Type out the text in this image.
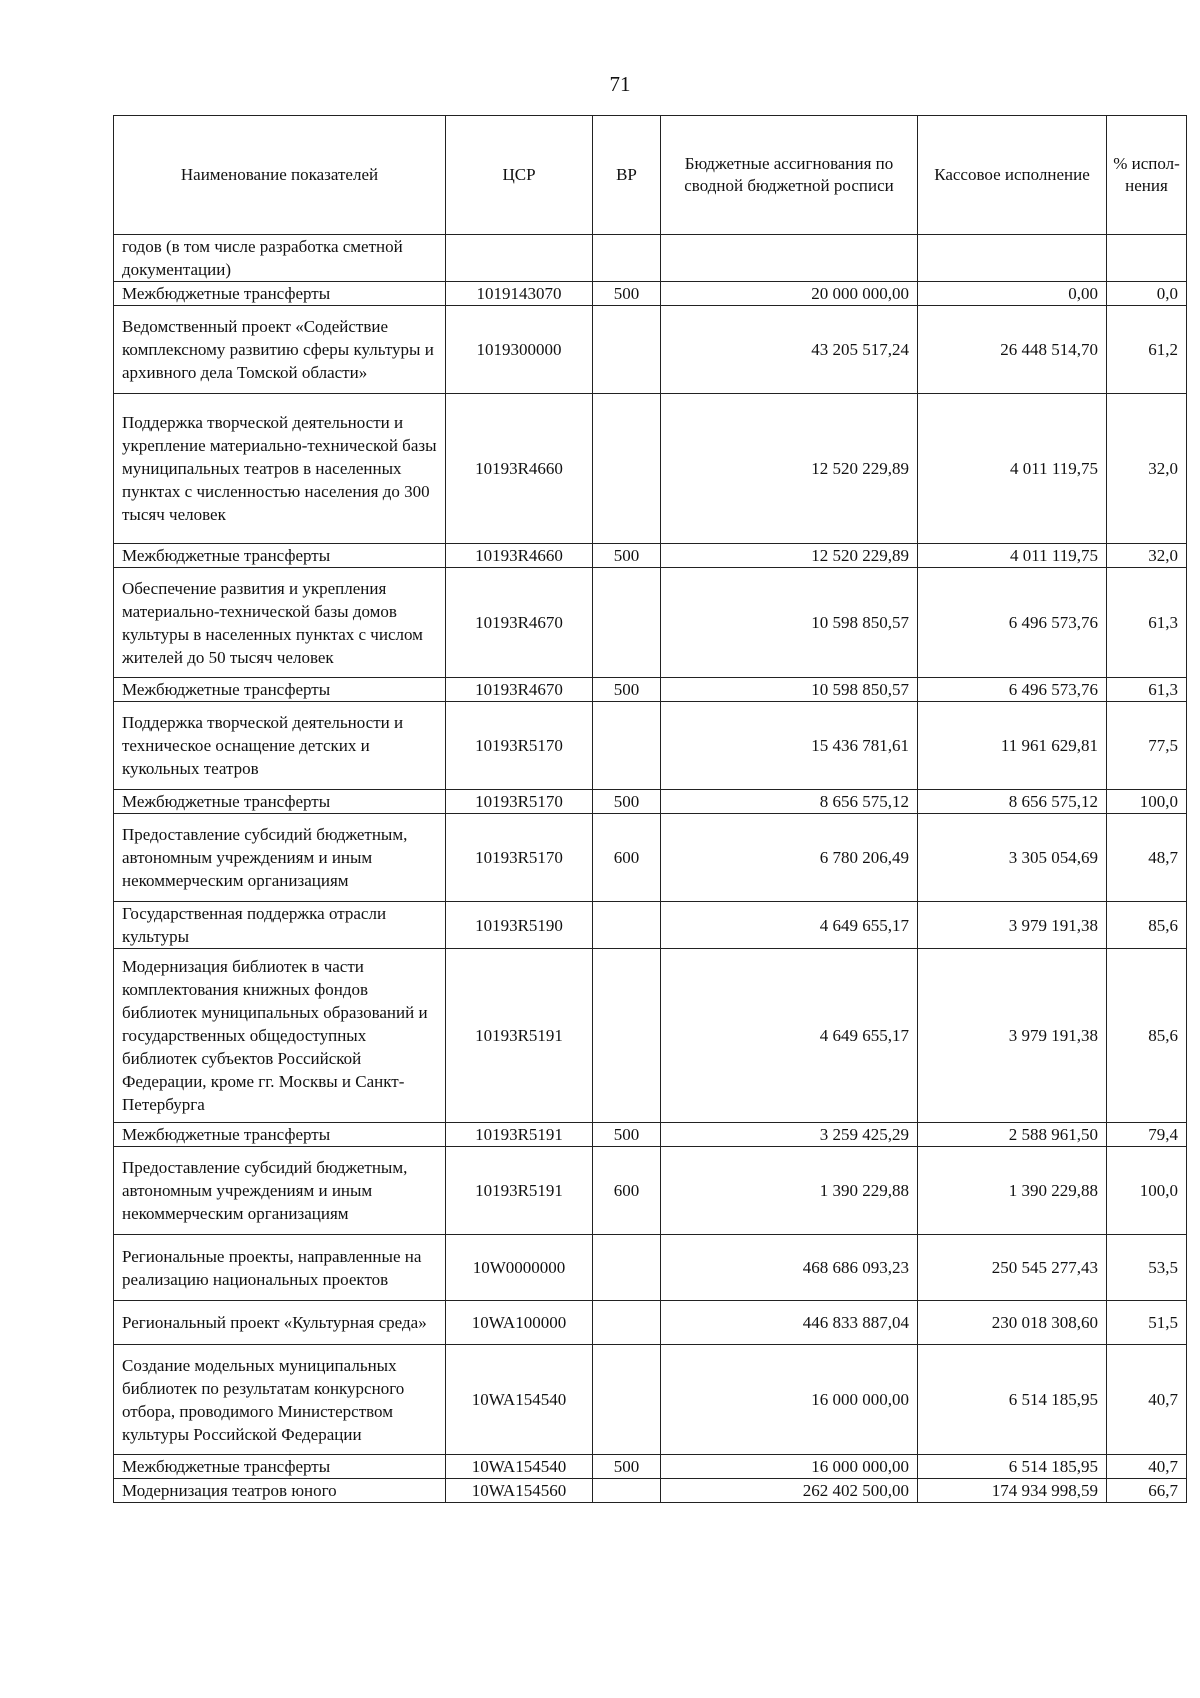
71

Наименование показателей	ЦСР	ВР	Бюджетные ассигнования по сводной бюджетной росписи	Кассовое исполнение	% испол-нения
годов (в том числе разработка сметной документации)					
Межбюджетные трансферты	1019143070	500	20 000 000,00	0,00	0,0
Ведомственный проект «Содействие комплексному развитию сферы культуры и архивного дела Томской области»	1019300000		43 205 517,24	26 448 514,70	61,2
Поддержка творческой деятельности и укрепление материально-технической базы муниципальных театров в населенных пунктах с численностью населения до 300 тысяч человек	10193R4660		12 520 229,89	4 011 119,75	32,0
Межбюджетные трансферты	10193R4660	500	12 520 229,89	4 011 119,75	32,0
Обеспечение развития и укрепления материально-технической базы домов культуры в населенных пунктах с числом жителей до 50 тысяч человек	10193R4670		10 598 850,57	6 496 573,76	61,3
Межбюджетные трансферты	10193R4670	500	10 598 850,57	6 496 573,76	61,3
Поддержка творческой деятельности и техническое оснащение детских и кукольных театров	10193R5170		15 436 781,61	11 961 629,81	77,5
Межбюджетные трансферты	10193R5170	500	8 656 575,12	8 656 575,12	100,0
Предоставление субсидий бюджетным, автономным учреждениям и иным некоммерческим организациям	10193R5170	600	6 780 206,49	3 305 054,69	48,7
Государственная поддержка отрасли культуры	10193R5190		4 649 655,17	3 979 191,38	85,6
Модернизация библиотек в части комплектования книжных фондов библиотек муниципальных образований и государственных общедоступных библиотек субъектов Российской Федерации, кроме гг. Москвы и Санкт-Петербурга	10193R5191		4 649 655,17	3 979 191,38	85,6
Межбюджетные трансферты	10193R5191	500	3 259 425,29	2 588 961,50	79,4
Предоставление субсидий бюджетным, автономным учреждениям и иным некоммерческим организациям	10193R5191	600	1 390 229,88	1 390 229,88	100,0
Региональные проекты, направленные на реализацию национальных проектов	10W0000000		468 686 093,23	250 545 277,43	53,5
Региональный проект «Культурная среда»	10WA100000		446 833 887,04	230 018 308,60	51,5
Создание модельных муниципальных библиотек по результатам конкурсного отбора, проводимого Министерством культуры Российской Федерации	10WA154540		16 000 000,00	6 514 185,95	40,7
Межбюджетные трансферты	10WA154540	500	16 000 000,00	6 514 185,95	40,7
Модернизация театров юного	10WA154560		262 402 500,00	174 934 998,59	66,7
